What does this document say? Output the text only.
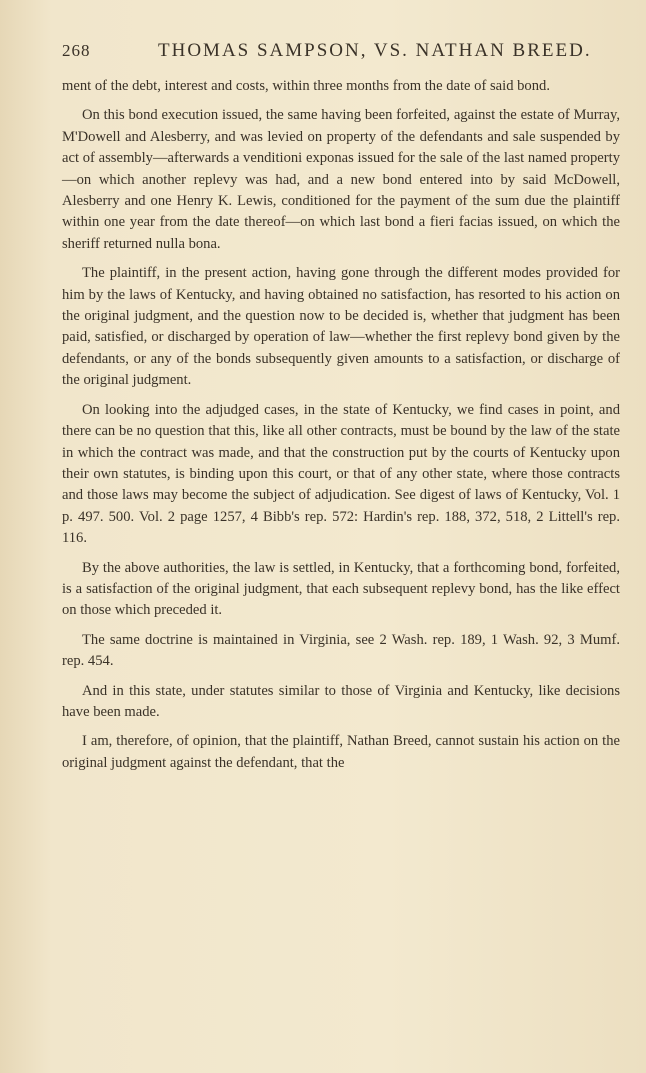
268	THOMAS SAMPSON, VS. NATHAN BREED.

ment of the debt, interest and costs, within three months from the date of said bond.

On this bond execution issued, the same having been forfeited, against the estate of Murray, M'Dowell and Alesberry, and was levied on property of the defendants and sale suspended by act of assembly—afterwards a venditioni exponas issued for the sale of the last named property—on which another replevy was had, and a new bond entered into by said McDowell, Alesberry and one Henry K. Lewis, conditioned for the payment of the sum due the plaintiff within one year from the date thereof—on which last bond a fieri facias issued, on which the sheriff returned nulla bona.

The plaintiff, in the present action, having gone through the different modes provided for him by the laws of Kentucky, and having obtained no satisfaction, has resorted to his action on the original judgment, and the question now to be decided is, whether that judgment has been paid, satisfied, or discharged by operation of law—whether the first replevy bond given by the defendants, or any of the bonds subsequently given amounts to a satisfaction, or discharge of the original judgment.

On looking into the adjudged cases, in the state of Kentucky, we find cases in point, and there can be no question that this, like all other contracts, must be bound by the law of the state in which the contract was made, and that the construction put by the courts of Kentucky upon their own statutes, is binding upon this court, or that of any other state, where those contracts and those laws may become the subject of adjudication. See digest of laws of Kentucky, Vol. 1 p. 497. 500. Vol. 2 page 1257, 4 Bibb's rep. 572: Hardin's rep. 188, 372, 518, 2 Littell's rep. 116.

By the above authorities, the law is settled, in Kentucky, that a forthcoming bond, forfeited, is a satisfaction of the original judgment, that each subsequent replevy bond, has the like effect on those which preceded it.

The same doctrine is maintained in Virginia, see 2 Wash. rep. 189, 1 Wash. 92, 3 Mumf. rep. 454.

And in this state, under statutes similar to those of Virginia and Kentucky, like decisions have been made.

I am, therefore, of opinion, that the plaintiff, Nathan Breed, cannot sustain his action on the original judgment against the defendant, that the
